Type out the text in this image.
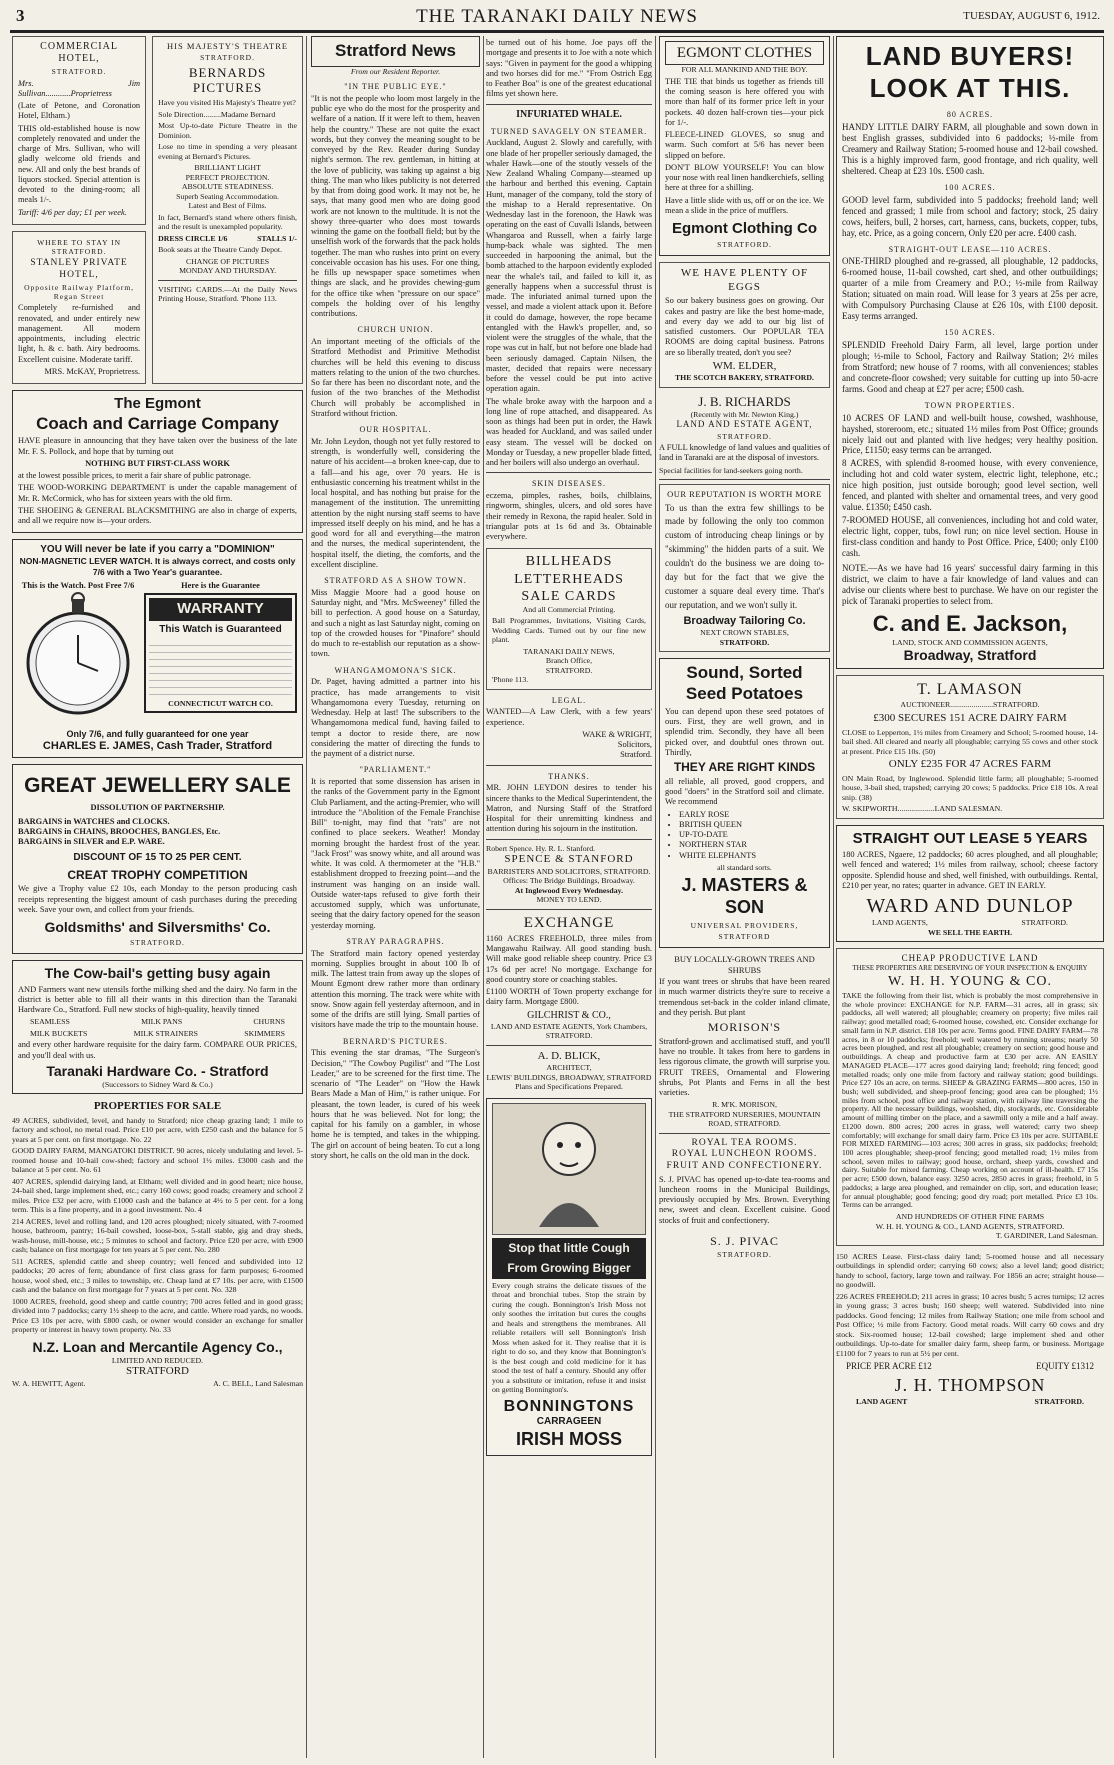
3	THE TARANAKI DAILY NEWS	TUESDAY, AUGUST 6, 1912.
COMMERCIAL HOTEL,
STRATFORD.
Mrs. Jim Sullivan............Proprietress
(Late of Petone, and Coronation Hotel, Eltham.)
THIS old-established house is now completely renovated and under the charge of Mrs. Sullivan, who will gladly welcome old friends and new. All and only the best brands of liquors stocked. Special attention is devoted to the dining-room; all meals 1/-.
Tariff: 4/6 per day; £1 per week.
WHERE TO STAY IN STRATFORD.
STANLEY PRIVATE HOTEL,
Opposite Railway Platform, Regan Street
Completely re-furnished and renovated, and under entirely new management. All modern appointments, including electric light, h. & c. bath. Airy bedrooms. Excellent cuisine. Moderate tariff.
MRS. McKAY, Proprietress.
HIS MAJESTY'S THEATRE
STRATFORD.
BERNARDS
PICTURES
Have you visited His Majesty's Theatre yet?
Sole Direction.........Madame Bernard
Most Up-to-date Picture Theatre in the Dominion.
Lose no time in spending a very pleasant evening at Bernard's Pictures.
BRILLIANT LIGHT
PERFECT PROJECTION.
ABSOLUTE STEADINESS.
Superb Seating Accommodation.
Latest and Best of Films.
In fact, Bernard's stand where others finish, and the result is unexampled popularity.
DRESS CIRCLE 1/6	STALLS 1/-
Book seats at the Theatre Candy Depot.
CHANGE OF PICTURES
MONDAY AND THURSDAY.
VISITING CARDS.—At the Daily News Printing House, Stratford. 'Phone 113.
The Egmont
Coach and Carriage Company
HAVE pleasure in announcing that they have taken over the business of the late Mr. F. S. Pollock, and hope that by turning out
NOTHING BUT FIRST-CLASS WORK
at the lowest possible prices, to merit a fair share of public patronage.
THE WOOD-WORKING DEPARTMENT is under the capable management of Mr. R. McCormick, who has for sixteen years with the old firm.
THE SHOEING & GENERAL BLACKSMITHING are also in charge of experts, and all we require now is—your orders.
YOU Will never be late if you carry a "DOMINION"
NON-MAGNETIC LEVER WATCH. It is always correct, and costs only 7/6 with a Two Year's guarantee.
This is the Watch. Post Free 7/6	Here is the Guarantee
WARRANTY
This Watch is Guaranteed
CONNECTICUT WATCH CO.
Only 7/6, and fully guaranteed for one year
CHARLES E. JAMES, Cash Trader, Stratford
GREAT JEWELLERY SALE
DISSOLUTION OF PARTNERSHIP.
BARGAINS in WATCHES and CLOCKS.
BARGAINS in CHAINS, BROOCHES, BANGLES, Etc.
BARGAINS in SILVER and E.P. WARE.
DISCOUNT OF 15 TO 25 PER CENT.
CREAT TROPHY COMPETITION
We give a Trophy value £2 10s, each Monday to the person producing cash receipts representing the biggest amount of cash purchases during the preceding week. Save your own, and collect from your friends.
Goldsmiths' and Silversmiths' Co.
STRATFORD.
The Cow-bail's getting busy again
AND Farmers want new utensils forthe milking shed and the dairy. No farm in the district is better able to fill all their wants in this direction than the Taranaki Hardware Co., Stratford. Full new stocks of high-quality, heavily tinned
SEAMLESS	MILK PANS	CHURNS
MILK BUCKETS	MILK STRAINERS	SKIMMERS
and every other hardware requisite for the dairy farm. COMPARE OUR PRICES, and you'll deal with us.
Taranaki Hardware Co. - Stratford
(Successors to Sidney Ward & Co.)
PROPERTIES FOR SALE
49 ACRES, subdivided, level, and handy to Stratford; nice cheap grazing land; 1 mile to factory and school, no metal road. Price £10 per acre, with £250 cash and the balance for 5 years at 5 per cent. on first mortgage. No. 22
GOOD DAIRY FARM, MANGATOKI DISTRICT. 90 acres, nicely undulating and level. 5-roomed house and 10-bail cow-shed; factory and school 1½ miles. £3000 cash and the balance at 5 per cent. No. 61
407 ACRES, splendid dairying land, at Eltham; well divided and in good heart; nice house, 24-bail shed, large implement shed, etc.; carry 160 cows; good roads; creamery and school 2 miles. Price £32 per acre, with £1000 cash and the balance at 4½ to 5 per cent. for a long term. This is a fine property, and in a good investment. No. 4
214 ACRES, level and rolling land, and 120 acres ploughed; nicely situated, with 7-roomed house, bathroom, pantry; 16-bail cowshed, loose-box, 5-stall stable, gig and dray sheds, wash-house, mill-house, etc.; 5 minutes to school and factory. Price £20 per acre, with £900 cash; balance on first mortgage for ten years at 5 per cent. No. 280
511 ACRES, splendid cattle and sheep country; well fenced and subdivided into 12 paddocks; 20 acres of fern; abundance of first class grass for farm purposes; 6-roomed house, wool shed, etc.; 3 miles to township, etc. Cheap land at £7 10s. per acre, with £1500 cash and the balance on first mortgage for 7 years at 5 per cent. No. 328
1000 ACRES, freehold, good sheep and cattle country; 700 acres felled and in good grass; divided into 7 paddocks; carry 1½ sheep to the acre, and cattle. Where road yards, no woods. Price £3 10s per acre, with £800 cash, or owner would consider an exchange for smaller property or interest in heavy town property. No. 33
N.Z. Loan and Mercantile Agency Co.,
LIMITED AND REDUCED.
STRATFORD
W. A. HEWITT, Agent.	A. C. BELL, Land Salesman
Stratford News
From our Resident Reporter.
"IN THE PUBLIC EYE."
"It is not the people who loom most largely in the public eye who do the most for the prosperity and welfare of a nation. If it were left to them, heaven help the country." These are not quite the exact words, but they convey the meaning sought to be conveyed by the Rev. Reader during Sunday night's sermon. The rev. gentleman, in hitting at the love of publicity, was taking up against a big thing. The man who likes publicity is not deterred by that from doing good work. It may not be, he says, that many good men who are doing good work are not known to the multitude. It is not the showy three-quarter who does most towards winning the game on the football field; but by the unselfish work of the forwards that the pack holds together. The man who rushes into print on every conceivable occasion has his uses. For one thing, he fills up newspaper space sometimes when things are slack, and he provides chewing-gum for the office tike when "pressure on our space" compels the holding over of his lengthy contributions.
CHURCH UNION.
An important meeting of the officials of the Stratford Methodist and Primitive Methodist churches will be held this evening to discuss matters relating to the union of the two churches. So far there has been no discordant note, and the fusion of the two branches of the Methodist Church will probably be accomplished in Stratford without friction.
OUR HOSPITAL.
Mr. John Leydon, though not yet fully restored to strength, is wonderfully well, considering the nature of his accident—a broken knee-cap, due to a fall—and his age, over 70 years. He is enthusiastic concerning his treatment whilst in the local hospital, and has nothing but praise for the management of the institution. The unremitting attention by the night nursing staff seems to have impressed itself deeply on his mind, and he has a good word for all and everything—the matron and the nurses, the medical superintendent, the hospital itself, the dieting, the comforts, and the excellent discipline.
STRATFORD AS A SHOW TOWN.
Miss Maggie Moore had a good house on Saturday night, and "Mrs. McSweeney" filled the bill to perfection. A good house on a Saturday, and such a night as last Saturday night, coming on top of the crowded houses for "Pinafore" should do much to re-establish our reputation as a show-town.
WHANGAMOMONA'S SICK.
Dr. Paget, having admitted a partner into his practice, has made arrangements to visit Whangamomona every Tuesday, returning on Wednesday. Help at last! The subscribers to the Whangamomona medical fund, having failed to tempt a doctor to reside there, are now considering the matter of directing the funds to the payment of a district nurse.
"PARLIAMENT."
It is reported that some dissension has arisen in the ranks of the Government party in the Egmont Club Parliament, and the acting-Premier, who will introduce the "Abolition of the Female Franchise Bill" to-night, may find that "rats" are not confined to place seekers. Weather! Monday morning brought the hardest frost of the year. "Jack Frost" was snowy white, and all around was white. It was cold. A thermometer at the "H.B." establishment dropped to freezing point—and the instrument was hanging on an inside wall. Outside water-taps refused to give forth their accustomed supply, which was unfortunate, seeing that the dairy factory opened for the season yesterday morning.
STRAY PARAGRAPHS.
The Stratford main factory opened yesterday morning. Supplies brought in about 100 lb of milk. The lattest train from away up the slopes of Mount Egmont drew rather more than ordinary attention this morning. The track were white with snow. Snow again fell yesterday afternoon, and in some of the drifts are still lying. Small parties of visitors have made the trip to the mountain house.
BERNARD'S PICTURES.
This evening the star dramas, "The Surgeon's Decision," "The Cowboy Pugilist" and "The Lost Leader," are to be screened for the first time. The scenario of "The Leader" on "How the Hawk Bears Made a Man of Him," is rather unique. For pleasant, the town leader, is cured of his week hours that he was believed. Not for long; the capital for his family on a gambler, in whose home he is tempted, and takes in the whipping. The girl on account of being beaten. To cut a long story short, he calls on the old man in the dock.
be turned out of his home. Joe pays off the mortgage and presents it to Joe with a note which says: "Given in payment for the good a whipping and two horses did for me." "From Ostrich Egg to Feather Boa" is one of the greatest educational films yet shown here.
INFURIATED WHALE.
TURNED SAVAGELY ON STEAMER.
Auckland, August 2. Slowly and carefully, with one blade of her propeller seriously damaged, the whaler Hawk—one of the stoutly vessels of the New Zealand Whaling Company—steamed up the harbour and berthed this evening. Captain Hunt, manager of the company, told the story of the mishap to a Herald representative. On Wednesday last in the forenoon, the Hawk was operating on the east of Cuvalli Islands, between Whangaroa and Russell, when a fairly large hump-back whale was sighted. The men succeeded in harpooning the animal, but the bomb attached to the harpoon evidently exploded near the whale's tail, and failed to kill it, as generally happens when a successful thrust is made. The infuriated animal turned upon the vessel, and made a violent attack upon it. Before it could do damage, however, the rope became entangled with the Hawk's propeller, and, so violent were the struggles of the whale, that the rope was cut in half, but not before one blade had been seriously damaged. Captain Nilsen, the master, decided that repairs were necessary before the vessel could be put into active operation again.
The whale broke away with the harpoon and a long line of rope attached, and disappeared. As soon as things had been put in order, the Hawk was headed for Auckland, and was sailed under easy steam. The vessel will be docked on Monday or Tuesday, a new propeller blade fitted, and her boilers will also undergo an overhaul.
SKIN DISEASES.
eczema, pimples, rashes, boils, chilblains, ringworm, shingles, ulcers, and old sores have their remedy in Rexona, the rapid healer. Sold in triangular pots at 1s 6d and 3s. Obtainable everywhere.
BILLHEADS
LETTERHEADS
SALE CARDS
And all Commercial Printing.
Ball Programmes, Invitations, Visiting Cards, Wedding Cards. Turned out by our fine new plant.
TARANAKI DAILY NEWS,
Branch Office,
STRATFORD.
'Phone 113.
LEGAL.
WANTED—A Law Clerk, with a few years' experience.
WAKE & WRIGHT,
Solicitors,
Stratford.
THANKS.
MR. JOHN LEYDON desires to tender his sincere thanks to the Medical Superintendent, the Matron, and Nursing Staff of the Stratford Hospital for their unremitting kindness and attention during his sojourn in the institution.
Robert Spence. Hy. R. L. Stanford.
SPENCE & STANFORD
BARRISTERS AND SOLICITORS, STRATFORD.
Offices: The Bridge Buildings, Broadway.
At Inglewood Every Wednesday.
MONEY TO LEND.
EXCHANGE
1160 ACRES FREEHOLD, three miles from Mangawahu Railway. All good standing bush. Will make good reliable sheep country. Price £3 17s 6d per acre! No mortgage. Exchange for good country store or coaching stables.
£1100 WORTH of Town property exchange for dairy farm. Mortgage £800.
GILCHRIST & CO.,
LAND AND ESTATE AGENTS, York Chambers, STRATFORD.
A. D. BLICK,
ARCHITECT,
LEWIS' BUILDINGS, BROADWAY, STRATFORD
Plans and Specifications Prepared.
Stop that little Cough
From Growing Bigger
Every cough strains the delicate tissues of the throat and bronchial tubes. Stop the strain by curing the cough. Bonnington's Irish Moss not only soothes the irritation but cures the coughs and heals and strengthens the membranes. All reliable retailers will sell Bonnington's Irish Moss when asked for it. They realise that it is right to do so, and they know that Bonnington's is the best cough and cold medicine for it has stood the test of half a century. Should any offer you a substitute or imitation, refuse it and insist on getting Bonnington's.
BONNINGTONS
CARRAGEEN
IRISH MOSS
EGMONT CLOTHES
FOR ALL MANKIND AND THE BOY.
THE TIE that binds us together as friends till the coming season is here offered you with more than half of its former price left in your pockets. 40 dozen half-crown ties—your pick for 1/-.
FLEECE-LINED GLOVES, so snug and warm. Such comfort at 5/6 has never been slipped on before.
DON'T BLOW YOURSELF! You can blow your nose with real linen handkerchiefs, selling here at three for a shilling.
Have a little slide with us, off or on the ice. We mean a slide in the price of mufflers.
Egmont Clothing Co
STRATFORD.
WE HAVE PLENTY OF EGGS
So our bakery business goes on growing. Our cakes and pastry are like the best home-made, and every day we add to our big list of satisfied customers. Our POPULAR TEA ROOMS are doing capital business. Patrons are so liberally treated, don't you see?
WM. ELDER,
THE SCOTCH BAKERY, STRATFORD.
J. B. RICHARDS
(Recently with Mr. Newton King.)
LAND AND ESTATE AGENT,
STRATFORD.
A FULL knowledge of land values and qualities of land in Taranaki are at the disposal of investors.
Special facilities for land-seekers going north.
OUR REPUTATION IS WORTH MORE
To us than the extra few shillings to be made by following the only too common custom of introducing cheap linings or by "skimming" the hidden parts of a suit. We couldn't do the business we are doing to-day but for the fact that we give the customer a square deal every time. That's our reputation, and we won't sully it.
Broadway Tailoring Co.
NEXT CROWN STABLES,
STRATFORD.
Sound, Sorted Seed Potatoes
You can depend upon these seed potatoes of ours. First, they are well grown, and in splendid trim. Secondly, they have all been picked over, and doubtful ones thrown out. Thirdly,
THEY ARE RIGHT KINDS
all reliable, all proved, good croppers, and good "doers" in the Stratford soil and climate. We recommend
• EARLY ROSE
• BRITISH QUEEN
• UP-TO-DATE
• NORTHERN STAR
• WHITE ELEPHANTS
all standard sorts.
J. MASTERS & SON
UNIVERSAL PROVIDERS,
STRATFORD
BUY LOCALLY-GROWN TREES AND SHRUBS
If you want trees or shrubs that have been reared in much warmer districts they're sure to receive a tremendous set-back in the colder inland climate, and they perish. But plant
MORISON'S
Stratford-grown and acclimatised stuff, and you'll have no trouble. It takes from here to gardens in less rigorous climate, the growth will surprise you. FRUIT TREES, Ornamental and Flowering shrubs, Pot Plants and Ferns in all the best varieties.
R. M'K. MORISON,
THE STRATFORD NURSERIES, MOUNTAIN ROAD, STRATFORD.
ROYAL TEA ROOMS.
ROYAL LUNCHEON ROOMS.
FRUIT AND CONFECTIONERY.
S. J. PIVAC has opened up-to-date tea-rooms and luncheon rooms in the Municipal Buildings, previously occupied by Mrs. Brown. Everything new, sweet and clean. Excellent cuisine. Good stocks of fruit and confectionery.
S. J. PIVAC
STRATFORD.
LAND BUYERS!
LOOK AT THIS.
80 ACRES.
HANDY LITTLE DAIRY FARM, all ploughable and sown down in best English grasses, subdivided into 6 paddocks; ½-mile from Creamery and Railway Station; 5-roomed house and 12-bail cowshed. This is a highly improved farm, good frontage, and rich quality, well sheltered. Cheap at £23 10s. £500 cash.
100 ACRES.
GOOD level farm, subdivided into 5 paddocks; freehold land; well fenced and grassed; 1 mile from school and factory; stock, 25 dairy cows, heifers, bull, 2 horses, cart, harness, cans, buckets, copper, tubs, hay, etc. Price, as a going concern, Only £20 per acre. £400 cash.
STRAIGHT-OUT LEASE—110 ACRES.
ONE-THIRD ploughed and re-grassed, all ploughable, 12 paddocks, 6-roomed house, 11-bail cowshed, cart shed, and other outbuildings; quarter of a mile from Creamery and P.O.; ½-mile from Railway Station; situated on main road. Will lease for 3 years at 25s per acre, with Compulsory Purchasing Clause at £26 10s, with £100 deposit. Easy terms arranged.
150 ACRES.
SPLENDID Freehold Dairy Farm, all level, large portion under plough; ½-mile to School, Factory and Railway Station; 2½ miles from Stratford; new house of 7 rooms, with all conveniences; stables and concrete-floor cowshed; very suitable for cutting up into 50-acre farms. Good and cheap at £27 per acre; £500 cash.
TOWN PROPERTIES.
10 ACRES OF LAND and well-built house, cowshed, washhouse, hayshed, storeroom, etc.; situated 1½ miles from Post Office; grounds nicely laid out and planted with live hedges; very healthy position. Price, £1150; easy terms can be arranged.
8 ACRES, with splendid 8-roomed house, with every convenience, including hot and cold water system, electric light, telephone, etc.; nice high position, just outside borough; good level section, well fenced, and planted with shelter and ornamental trees, and very good value. £1350; £450 cash.
7-ROOMED HOUSE, all conveniences, including hot and cold water, electric light, copper, tubs, fowl run; on nice level section. House in first-class condition and handy to Post Office. Price, £400; only £100 cash.
NOTE.—As we have had 16 years' successful dairy farming in this district, we claim to have a fair knowledge of land values and can advise our clients where best to purchase. We have on our register the pick of Taranaki properties to select from.
C. and E. Jackson,
LAND, STOCK AND COMMISSION AGENTS,
Broadway, Stratford
T. LAMASON
AUCTIONEER......................STRATFORD.
£300 SECURES 151 ACRE DAIRY FARM
CLOSE to Lepperton, 1½ miles from Creamery and School; 5-roomed house, 14-bail shed. All cleared and nearly all ploughable; carrying 55 cows and other stock at present. Price £15 10s. (50)
ONLY £235 FOR 47 ACRES FARM
ON Main Road, by Inglewood. Splendid little farm; all ploughable; 5-roomed house, 3-bail shed, trapshed; carrying 20 cows; 5 paddocks. Price £18 10s. A real snip. (38)
W. SKIPWORTH...................LAND SALESMAN.
STRAIGHT OUT LEASE 5 YEARS
180 ACRES, Ngaere, 12 paddocks; 60 acres ploughed, and all ploughable; well fenced and watered; 1½ miles from railway, school; cheese factory opposite. Splendid house and shed, well finished, with outbuildings. Rental, £210 per year, no rates; quarter in advance. GET IN EARLY.
WARD AND DUNLOP
LAND AGENTS,	STRATFORD.
WE SELL THE EARTH.
CHEAP PRODUCTIVE LAND
THESE PROPERTIES ARE DESERVING OF YOUR INSPECTION & ENQUIRY
W. H. H. YOUNG & CO.
TAKE the following from their list, which is probably the most comprehensive in the whole province: EXCHANGE for N.P. FARM—31 acres, all in grass; six paddocks, all well watered; all ploughable; creamery on property; five miles rail railway; good metalled road; 6-roomed house, cowshed, etc. Consider exchange for small farm in N.P. district. £18 10s per acre. Terms good. FINE DAIRY FARM—78 acres, in 8 or 10 paddocks; freehold; well watered by running streams; nearly 50 acres been ploughed, and rest all ploughable; creamery on section; good house and outbuildings. A cheap and productive farm at £30 per acre. AN EASILY MANAGED PLACE—177 acres good dairying land; freehold; ring fenced; good metalled roads; only one mile from factory and railway station; good buildings. Price £27 10s an acre, on terms. SHEEP & GRAZING FARMS—800 acres, 150 in bush; well subdivided, and sheep-proof fencing; good area can be ploughed; 1½ miles from school, post office and railway station, with railway line traversing the property. All the necessary buildings, woolshed, dip, stockyards, etc. Considerable amount of milling timber on the place, and a sawmill only a mile and a half away. £1200 down. 800 acres; 200 acres in grass, well watered; carry two sheep comfortably; will exchange for small dairy farm. Price £3 10s per acre. SUITABLE FOR MIXED FARMING—103 acres; 300 acres in grass, six paddocks; freehold; 100 acres ploughable; sheep-proof fencing; good metalled road; 1½ miles from school, seven miles to railway; good house, orchard, sheep yards, cowshed and dairy. Suitable for mixed farming. Cheap working on account of ill-health. £7 15s per acre; £500 down, balance easy. 3250 acres, 2850 acres in grass; freehold, in 5 paddocks; a large area ploughed, and remainder on clip, sort, and education lease; for annual ploughable; good fencing; good dry road; port metalled. Price £3 10s. Terms can be arranged.
AND HUNDREDS OF OTHER FINE FARMS
W. H. H. YOUNG & CO., LAND AGENTS, STRATFORD.
T. GARDINER, Land Salesman.
150 ACRES Lease. First-class dairy land; 5-roomed house and all necessary outbuildings in splendid order; carrying 60 cows; also a level land; good district; handy to school, factory, large town and railway. For 1856 an acre; straight house—no goodwill.
226 ACRES FREEHOLD; 211 acres in grass; 10 acres bush; 5 acres turnips; 12 acres in young grass; 3 acres bush; 160 sheep; well watered. Subdivided into nine paddocks. Good fencing; 12 miles from Railway Station; one mile from school and Post Office; ½ mile from Factory. Good metal roads. Will carry 60 cows and dry stock. Six-roomed house; 12-bail cowshed; large implement shed and other outbuildings. Up-to-date for smaller dairy farm, sheep farm, or business. Mortgage £1100 for 7 years to run at 5½ per cent.
PRICE PER ACRE £12	EQUITY £1312
J. H. THOMPSON
LAND AGENT	STRATFORD.
